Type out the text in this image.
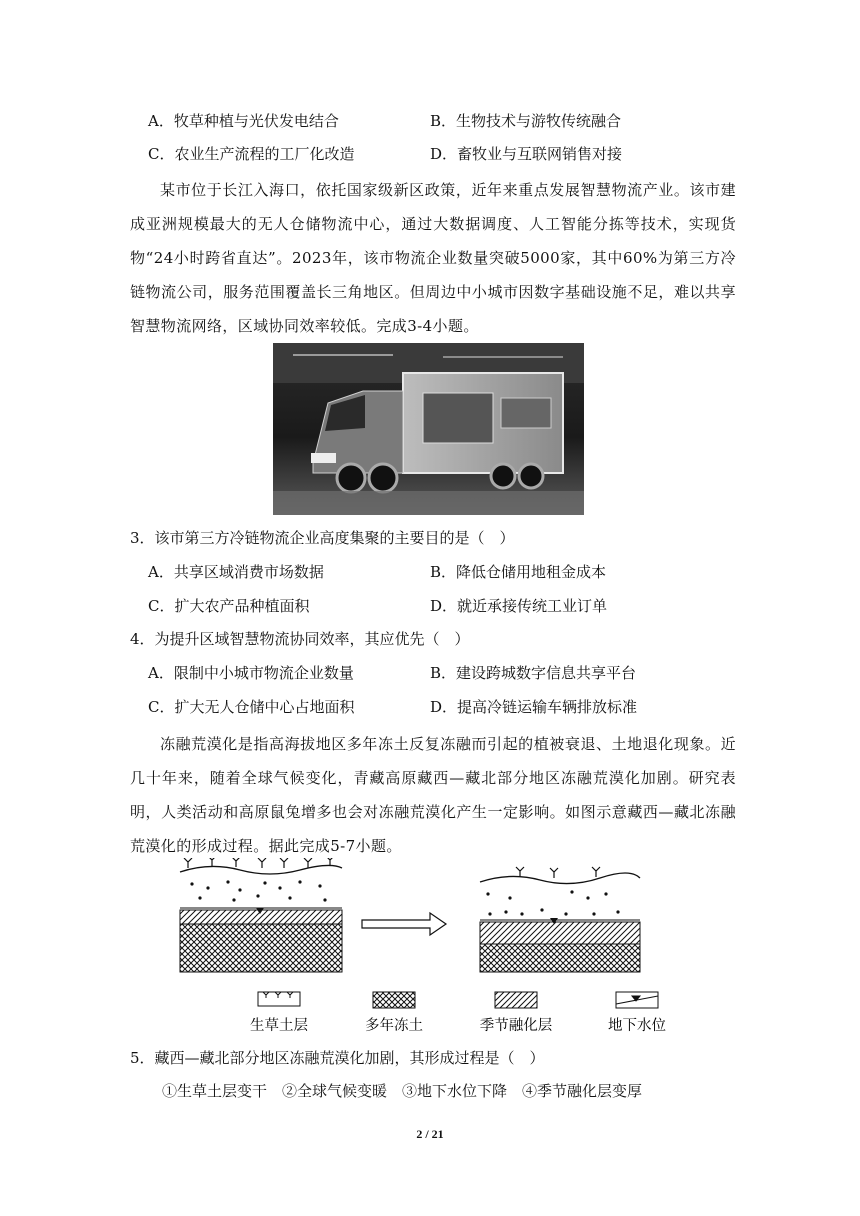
A．牧草种植与光伏发电结合	B．生物技术与游牧传统融合
C．农业生产流程的工厂化改造	D．畜牧业与互联网销售对接
某市位于长江入海口，依托国家级新区政策，近年来重点发展智慧物流产业。该市建成亚洲规模最大的无人仓储物流中心，通过大数据调度、人工智能分拣等技术，实现货物“24小时跨省直达”。2023年，该市物流企业数量突破5000家，其中60%为第三方冷链物流公司，服务范围覆盖长三角地区。但周边中小城市因数字基础设施不足，难以共享智慧物流网络，区域协同效率较低。完成3-4小题。
3．该市第三方冷链物流企业高度集聚的主要目的是（　）
A．共享区域消费市场数据	B．降低仓储用地租金成本
C．扩大农产品种植面积	D．就近承接传统工业订单
4．为提升区域智慧物流协同效率，其应优先（　）
A．限制中小城市物流企业数量	B．建设跨城数字信息共享平台
C．扩大无人仓储中心占地面积	D．提高冷链运输车辆排放标准
冻融荒漠化是指高海拔地区多年冻土反复冻融而引起的植被衰退、土地退化现象。近几十年来，随着全球气候变化，青藏高原藏西—藏北部分地区冻融荒漠化加剧。研究表明，人类活动和高原鼠兔增多也会对冻融荒漠化产生一定影响。如图示意藏西—藏北冻融荒漠化的形成过程。据此完成5-7小题。
生草土层	多年冻土	季节融化层	地下水位
5．藏西—藏北部分地区冻融荒漠化加剧，其形成过程是（　）
①生草土层变干　②全球气候变暖　③地下水位下降　④季节融化层变厚
2 / 21
